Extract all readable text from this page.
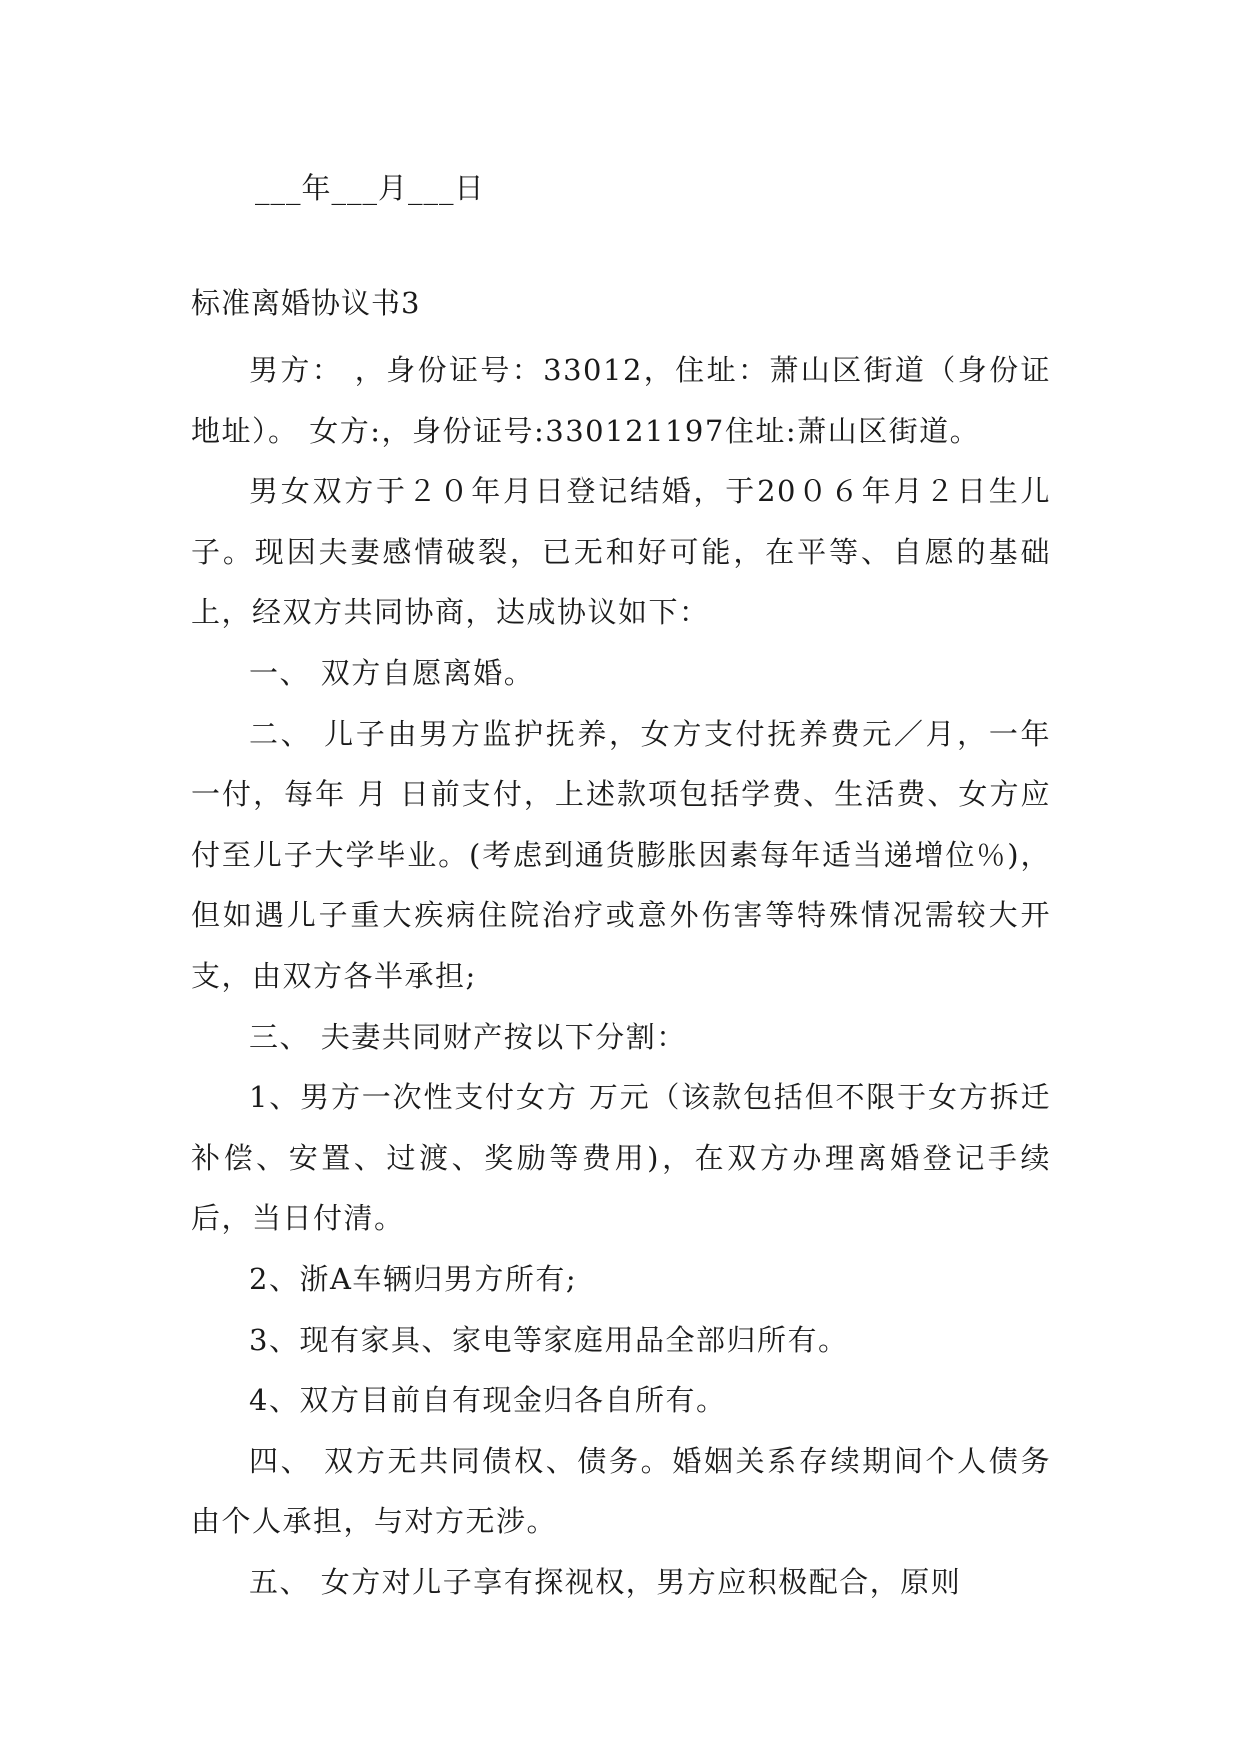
___年___月___日
标准离婚协议书3

男方： ，身份证号：33012，住址：萧山区街道（身份证地址）。 女方:，身份证号:330121197住址:萧山区街道。

男女双方于２０年月日登记结婚，于20０６年月２日生儿子。现因夫妻感情破裂，已无和好可能，在平等、自愿的基础上，经双方共同协商，达成协议如下：

一、 双方自愿离婚。

二、 儿子由男方监护抚养，女方支付抚养费元／月，一年一付，每年 月 日前支付，上述款项包括学费、生活费、女方应付至儿子大学毕业。(考虑到通货膨胀因素每年适当递增位％)，但如遇儿子重大疾病住院治疗或意外伤害等特殊情况需较大开支，由双方各半承担;

三、 夫妻共同财产按以下分割：

1、男方一次性支付女方 万元（该款包括但不限于女方拆迁补偿、安置、过渡、奖励等费用)，在双方办理离婚登记手续后，当日付清。

2、浙A车辆归男方所有;

3、现有家具、家电等家庭用品全部归所有。

4、双方目前自有现金归各自所有。

四、 双方无共同债权、债务。婚姻关系存续期间个人债务由个人承担，与对方无涉。

五、 女方对儿子享有探视权，男方应积极配合，原则
